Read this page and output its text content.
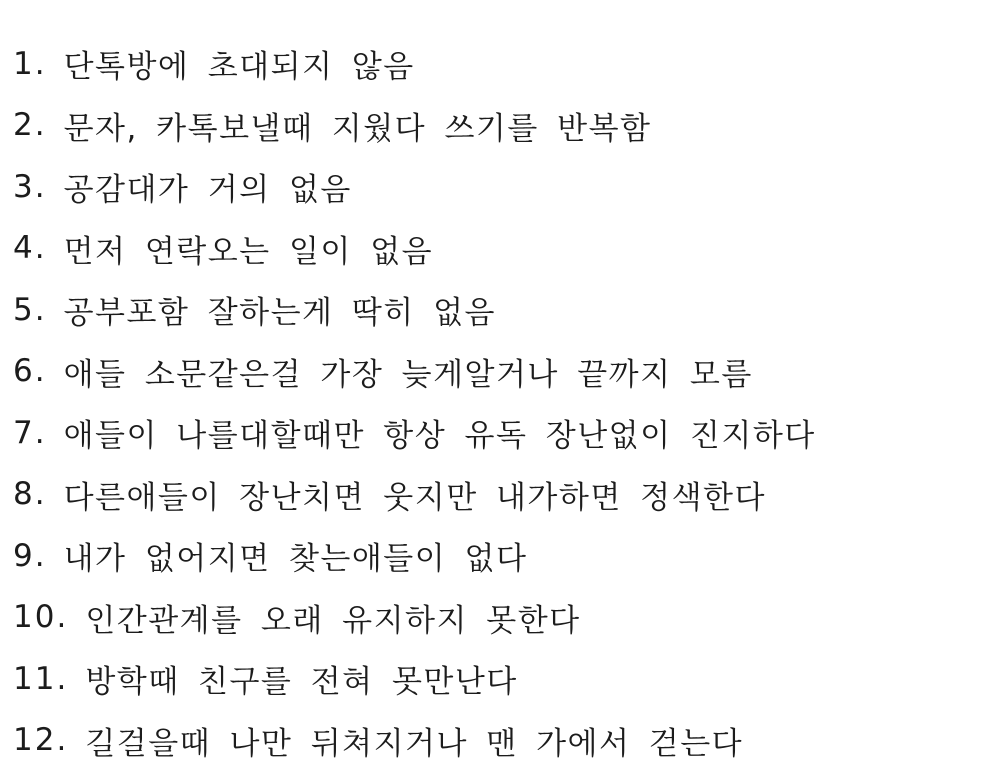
1. 단톡방에 초대되지 않음
2. 문자, 카톡보낼때 지웠다 쓰기를 반복함
3. 공감대가 거의 없음
4. 먼저 연락오는 일이 없음
5. 공부포함 잘하는게 딱히 없음
6. 애들 소문같은걸 가장 늦게알거나 끝까지 모름
7. 애들이 나를대할때만 항상 유독 장난없이 진지하다
8. 다른애들이 장난치면 웃지만 내가하면 정색한다
9. 내가 없어지면 찾는애들이 없다
10. 인간관계를 오래 유지하지 못한다
11. 방학때 친구를 전혀 못만난다
12. 길걸을때 나만 뒤쳐지거나 맨 가에서 걷는다
